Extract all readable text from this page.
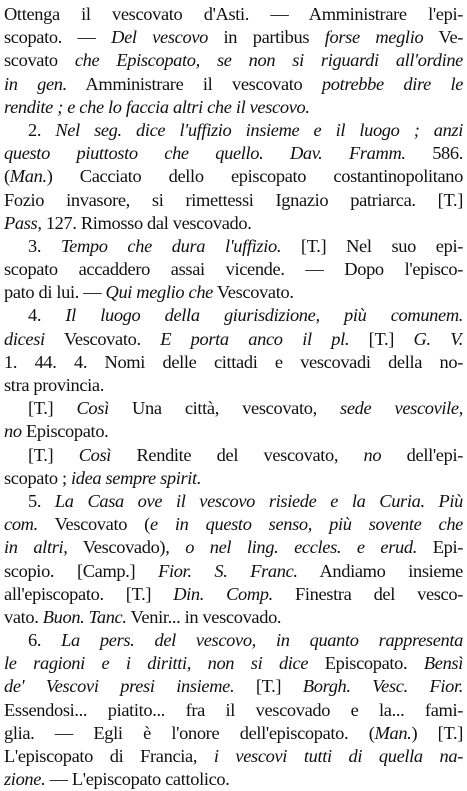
Ottenga il vescovato d'Asti. — Amministrare l'epi-
scopato. — Del vescovo in partibus forse meglio Ve-
scovato che Episcopato, se non si riguardi all'ordine
in gen. Amministrare il vescovato potrebbe dire le
rendite ; e che lo faccia altri che il vescovo.
2. Nel seg. dice l'uffizio insieme e il luogo ; anzi
questo piuttosto che quello. Dav. Framm. 586.
(Man.) Cacciato dello episcopato costantinopolitano
Fozio invasore, si rimettessi Ignazio patriarca. [T.]
Pass, 127. Rimosso dal vescovado.
3. Tempo che dura l'uffizio. [T.] Nel suo epi-
scopato accaddero assai vicende. — Dopo l'episco-
pato di lui. — Qui meglio che Vescovato.
4. Il luogo della giurisdizione, più comunem.
dicesi Vescovato. E porta anco il pl. [T.] G. V.
1. 44. 4. Nomi delle cittadi e vescovadi della no-
stra provincia.
[T.] Così Una città, vescovato, sede vescovile,
no Episcopato.
[T.] Così Rendite del vescovato, no dell'epi-
scopato ; idea sempre spirit.
5. La Casa ove il vescovo risiede e la Curia. Più
com. Vescovato (e in questo senso, più sovente che
in altri, Vescovado), o nel ling. eccles. e erud. Epi-
scopio. [Camp.] Fior. S. Franc. Andiamo insieme
all'episcopato. [T.] Din. Comp. Finestra del vesco-
vato. Buon. Tanc. Venir... in vescovado.
6. La pers. del vescovo, in quanto rappresenta
le ragioni e i diritti, non si dice Episcopato. Bensì
de' Vescovi presi insieme. [T.] Borgh. Vesc. Fior.
Essendosi... piatito... fra il vescovado e la... fami-
glia. — Egli è l'onore dell'episcopato. (Man.) [T.]
L'episcopato di Francia, i vescovi tutti di quella na-
zione. — L'episcopato cattolico.
